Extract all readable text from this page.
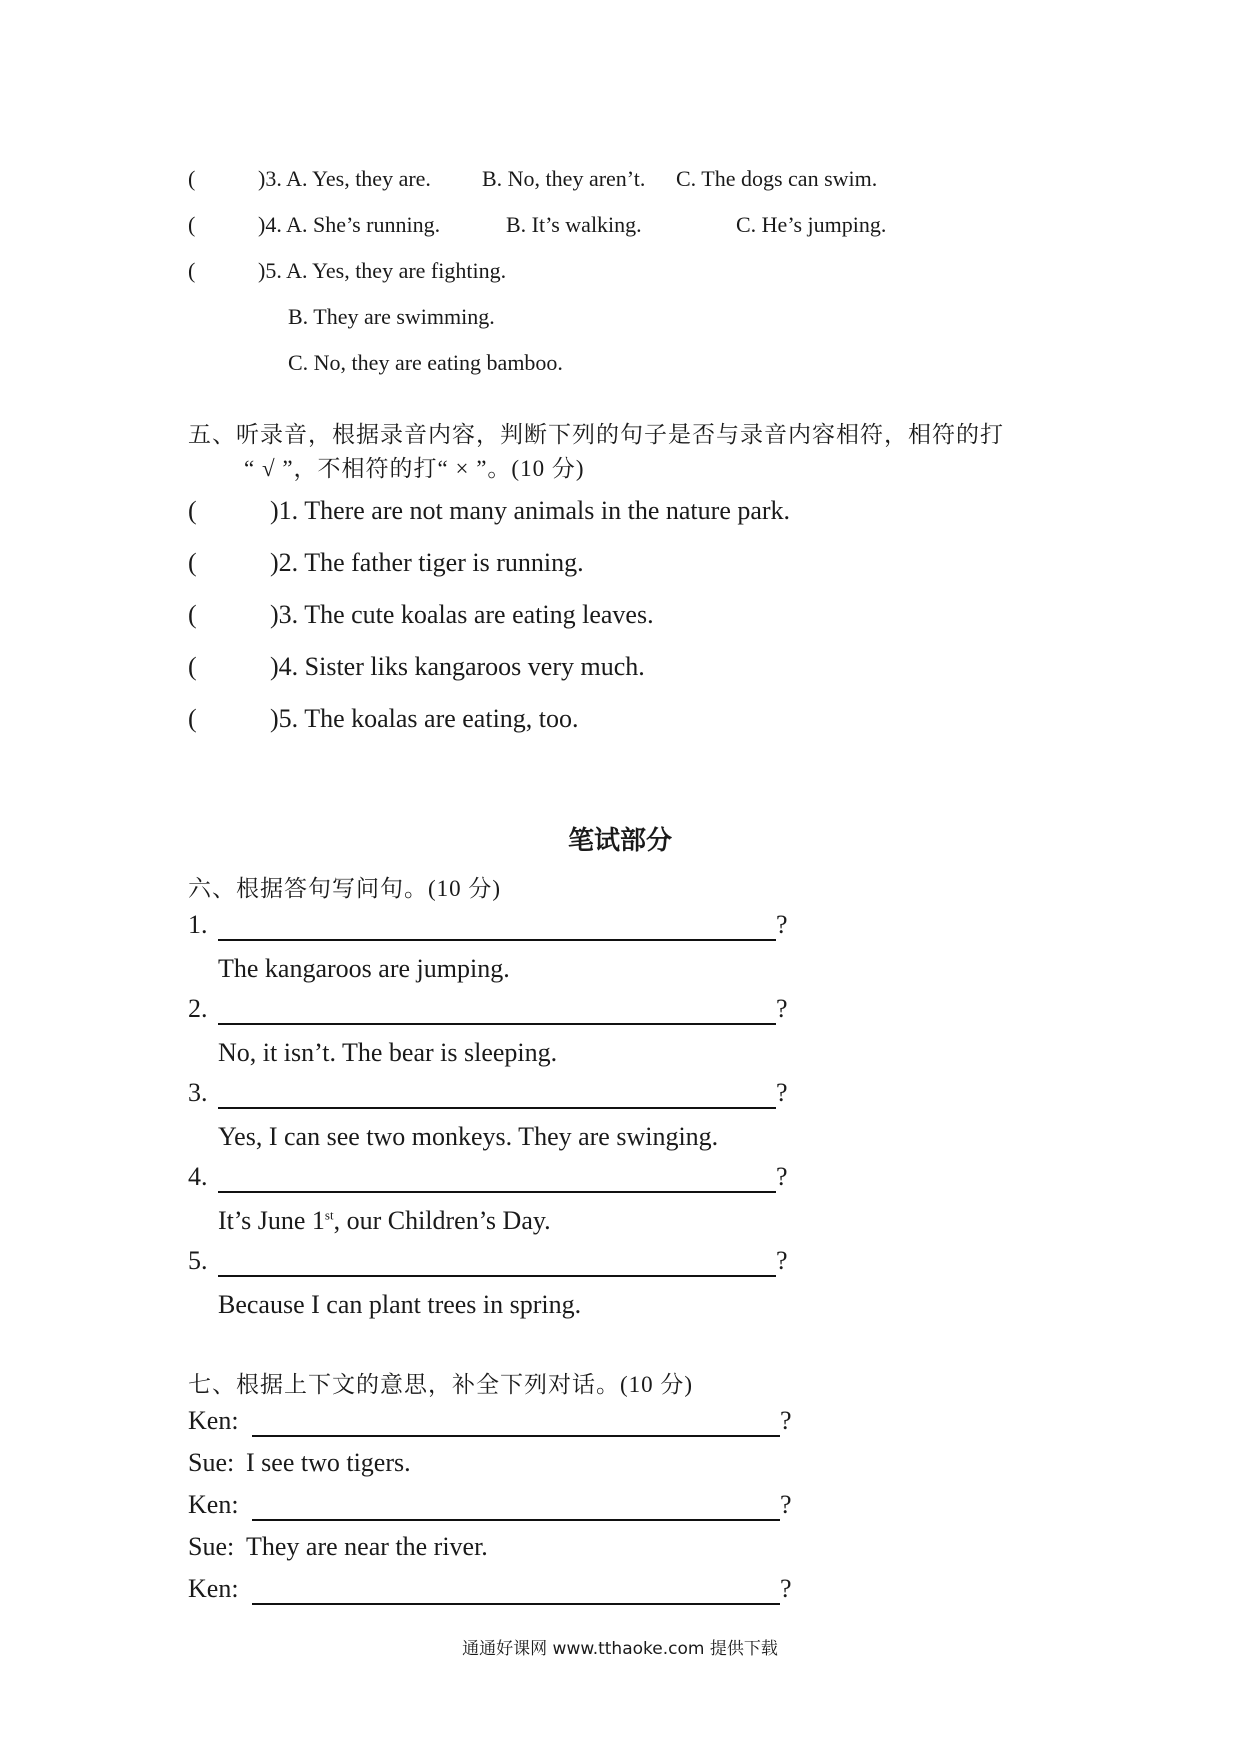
(	)3. A. Yes, they are. B. No, they aren’t. C. The dogs can swim.
(	)4. A. She’s running.	B. It’s walking.	C. He’s jumping.
(	)5. A. Yes, they are fighting.
B. They are swimming.
C. No, they are eating bamboo.
五、听录音，根据录音内容，判断下列的句子是否与录音内容相符，相符的打
“ √ ”，不相符的打“ × ”。(10 分)
(	)1. There are not many animals in the nature park.
(	)2. The father tiger is running.
(	)3. The cute koalas are eating leaves.
(	)4. Sister liks kangaroos very much.
(	)5. The koalas are eating, too.
笔试部分
六、根据答句写问句。(10 分)
1.	?
The kangaroos are jumping.
2.	?
No, it isn’t. The bear is sleeping.
3.	?
Yes, I can see two monkeys. They are swinging.
4.	?
It’s June 1st, our Children’s Day.
5.	?
Because I can plant trees in spring.
七、根据上下文的意思，补全下列对话。(10 分)
Ken:	?
Sue: I see two tigers.
Ken:	?
Sue: They are near the river.
Ken:	?
通通好课网 www.tthaoke.com 提供下载
